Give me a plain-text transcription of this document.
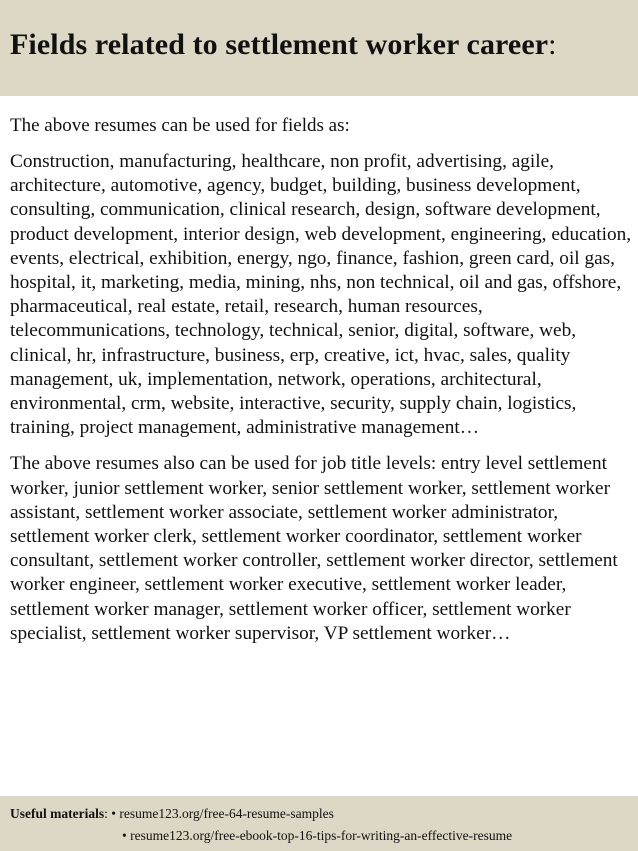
Fields related to settlement worker career:

The above resumes can be used for fields as:

Construction, manufacturing, healthcare, non profit, advertising, agile, architecture, automotive, agency, budget, building, business development, consulting, communication, clinical research, design, software development, product development, interior design, web development, engineering, education, events, electrical, exhibition, energy, ngo, finance, fashion, green card, oil gas, hospital, it, marketing, media, mining, nhs, non technical, oil and gas, offshore, pharmaceutical, real estate, retail, research, human resources, telecommunications, technology, technical, senior, digital, software, web, clinical, hr, infrastructure, business, erp, creative, ict, hvac, sales, quality management, uk, implementation, network, operations, architectural, environmental, crm, website, interactive, security, supply chain, logistics, training, project management, administrative management…

The above resumes also can be used for job title levels: entry level settlement worker, junior settlement worker, senior settlement worker, settlement worker assistant, settlement worker associate, settlement worker administrator, settlement worker clerk, settlement worker coordinator, settlement worker consultant, settlement worker controller, settlement worker director, settlement worker engineer, settlement worker executive, settlement worker leader, settlement worker manager, settlement worker officer, settlement worker specialist, settlement worker supervisor, VP settlement worker…

Useful materials: • resume123.org/free-64-resume-samples
• resume123.org/free-ebook-top-16-tips-for-writing-an-effective-resume
